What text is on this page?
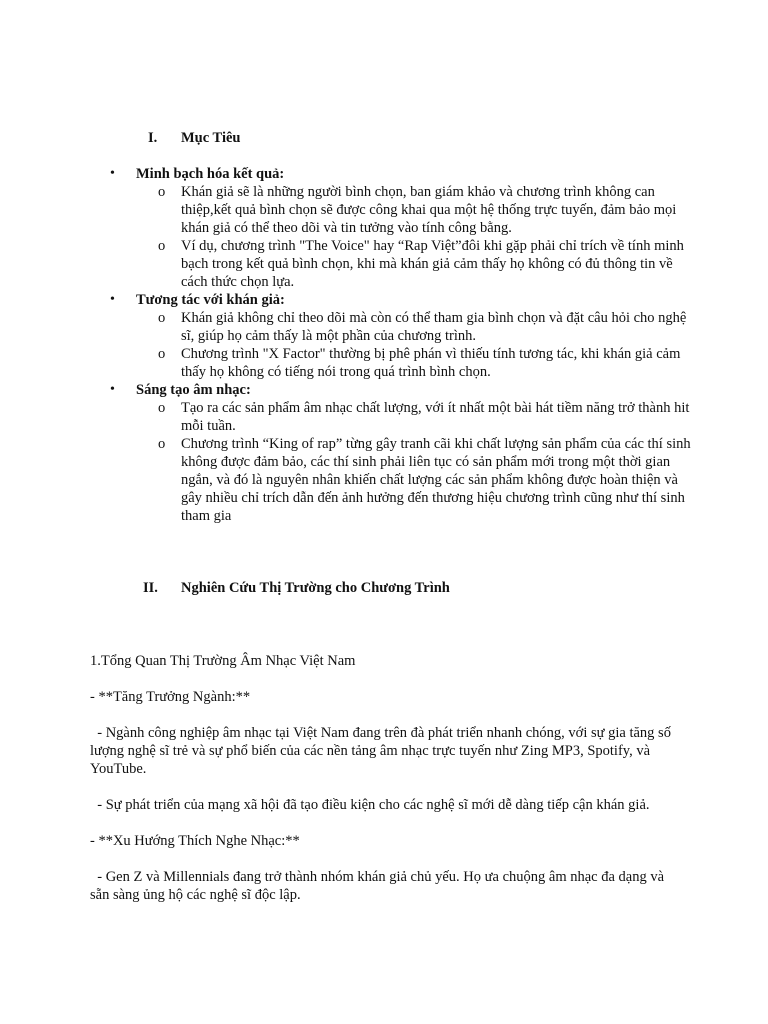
I. Mục Tiêu
• Minh bạch hóa kết quả:
o Khán giả sẽ là những người bình chọn, ban giám khảo và chương trình không can thiệp,kết quả bình chọn sẽ được công khai qua một hệ thống trực tuyến, đảm bảo mọi khán giả có thể theo dõi và tin tưởng vào tính công bằng.
o Ví dụ, chương trình "The Voice" hay “Rap Việt”đôi khi gặp phải chỉ trích về tính minh bạch trong kết quả bình chọn, khi mà khán giả cảm thấy họ không có đủ thông tin về cách thức chọn lựa.
• Tương tác với khán giả:
o Khán giả không chỉ theo dõi mà còn có thể tham gia bình chọn và đặt câu hỏi cho nghệ sĩ, giúp họ cảm thấy là một phần của chương trình.
o Chương trình "X Factor" thường bị phê phán vì thiếu tính tương tác, khi khán giả cảm thấy họ không có tiếng nói trong quá trình bình chọn.
• Sáng tạo âm nhạc:
o Tạo ra các sản phẩm âm nhạc chất lượng, với ít nhất một bài hát tiềm năng trở thành hit mỗi tuần.
o Chương trình “King of rap” từng gây tranh cãi khi chất lượng sản phẩm của các thí sinh không được đảm bảo, các thí sinh phải liên tục có sản phẩm mới trong một thời gian ngắn, và đó là nguyên nhân khiến chất lượng các sản phẩm không được hoàn thiện và gây nhiều chỉ trích dẫn đến ảnh hưởng đến thương hiệu chương trình cũng như thí sinh tham gia
II. Nghiên Cứu Thị Trường cho Chương Trình
1.Tổng Quan Thị Trường Âm Nhạc Việt Nam
- **Tăng Trưởng Ngành:**
- Ngành công nghiệp âm nhạc tại Việt Nam đang trên đà phát triển nhanh chóng, với sự gia tăng số lượng nghệ sĩ trẻ và sự phổ biến của các nền tảng âm nhạc trực tuyến như Zing MP3, Spotify, và YouTube.
- Sự phát triển của mạng xã hội đã tạo điều kiện cho các nghệ sĩ mới dễ dàng tiếp cận khán giả.
- **Xu Hướng Thích Nghe Nhạc:**
- Gen Z và Millennials đang trở thành nhóm khán giả chủ yếu. Họ ưa chuộng âm nhạc đa dạng và sẵn sàng ủng hộ các nghệ sĩ độc lập.
